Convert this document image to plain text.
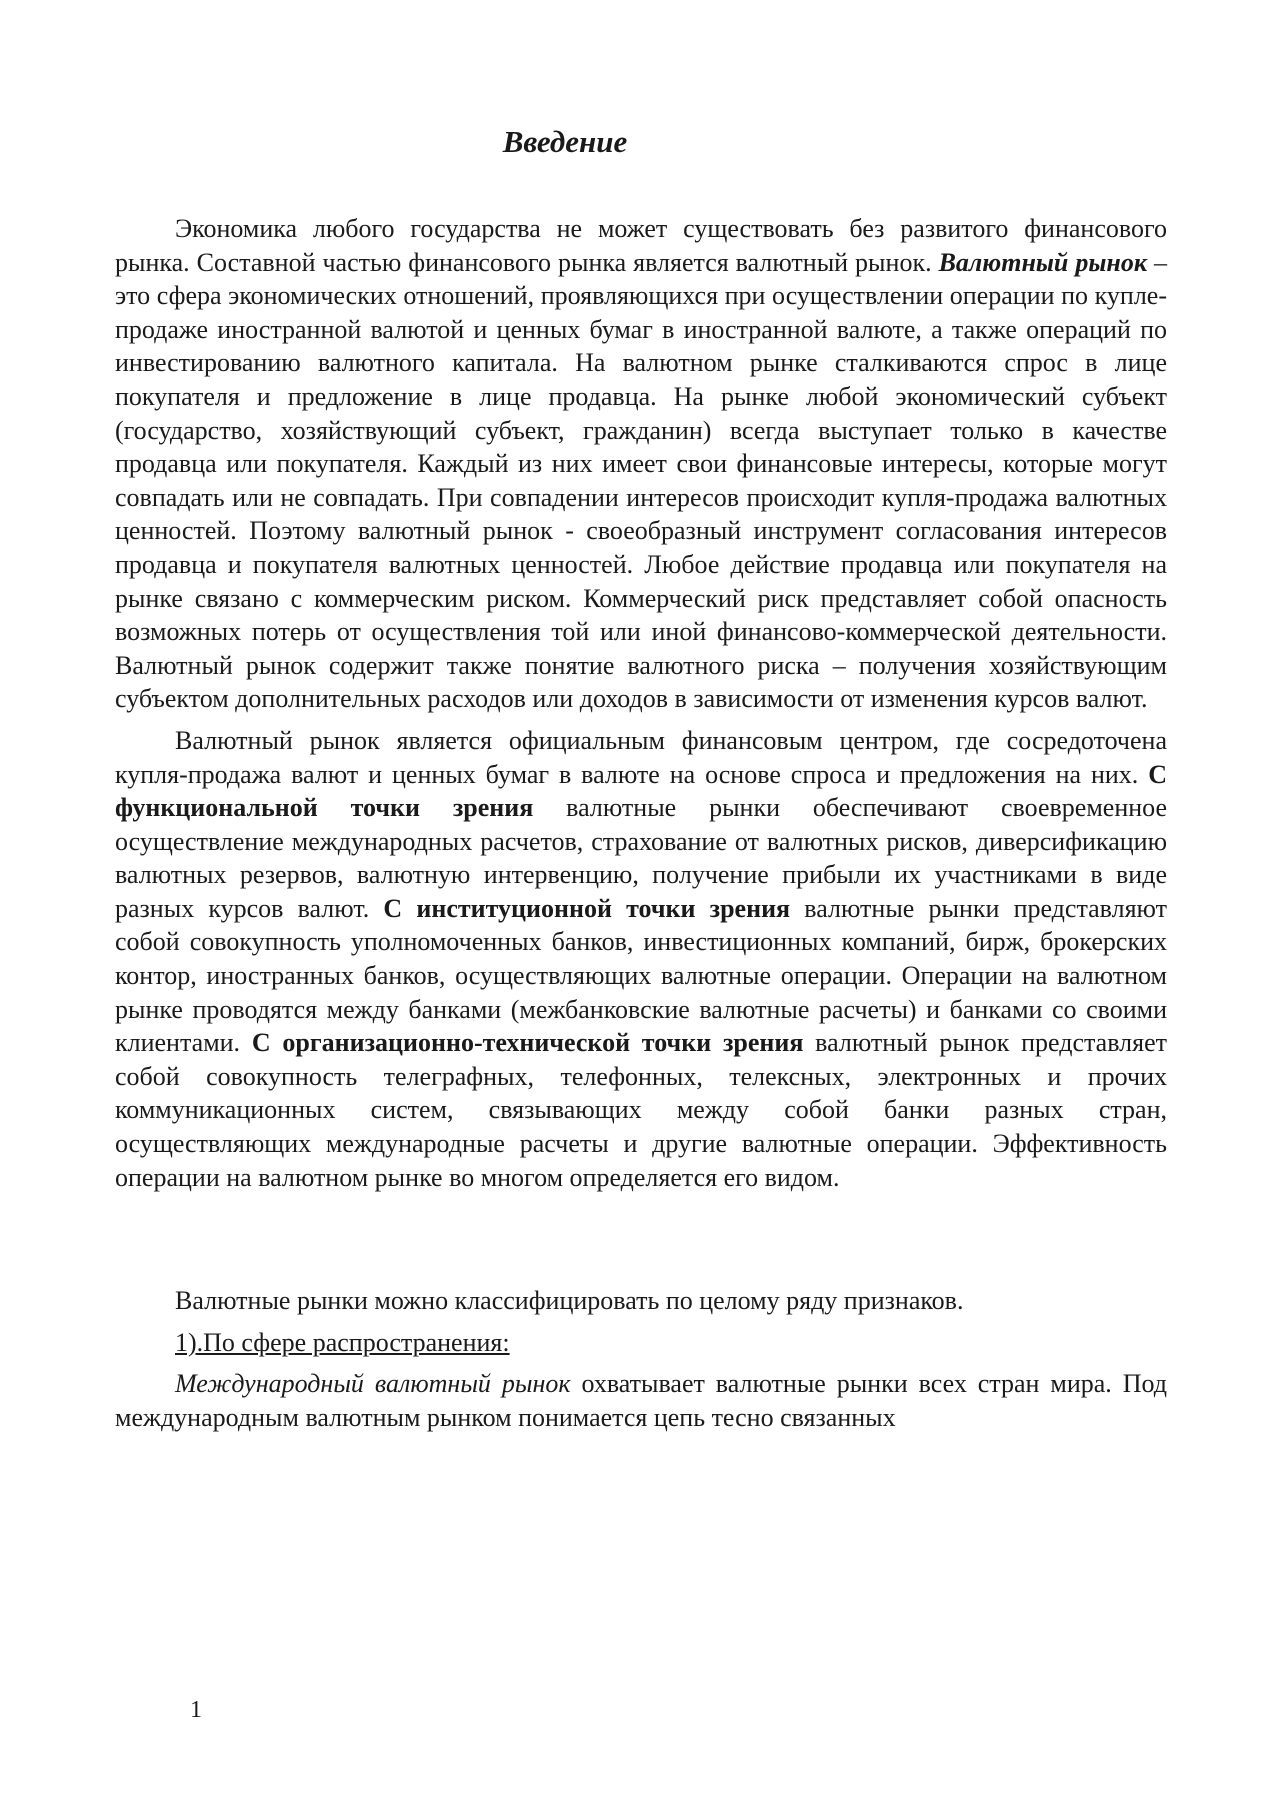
Введение

Экономика любого государства не может существовать без развитого финансового рынка. Составной частью финансового рынка является валютный рынок. Валютный рынок – это сфера экономических отношений, проявляющихся при осуществлении операции по купле-продаже иностранной валютой и ценных бумаг в иностранной валюте, а также операций по инвестированию валютного капитала. На валютном рынке сталкиваются спрос в лице покупателя и предложение в лице продавца. На рынке любой экономический субъект (государство, хозяйствующий субъект, гражданин) всегда выступает только в качестве продавца или покупателя. Каждый из них имеет свои финансовые интересы, которые могут совпадать или не совпадать. При совпадении интересов происходит купля-продажа валютных ценностей. Поэтому валютный рынок - своеобразный инструмент согласования интересов продавца и покупателя валютных ценностей. Любое действие продавца или покупателя на рынке связано с коммерческим риском. Коммерческий риск представляет собой опасность возможных потерь от осуществления той или иной финансово-коммерческой деятельности. Валютный рынок содержит также понятие валютного риска – получения хозяйствующим субъектом дополнительных расходов или доходов в зависимости от изменения курсов валют.

Валютный рынок является официальным финансовым центром, где сосредоточена купля-продажа валют и ценных бумаг в валюте на основе спроса и предложения на них. С функциональной точки зрения валютные рынки обеспечивают своевременное осуществление международных расчетов, страхование от валютных рисков, диверсификацию валютных резервов, валютную интервенцию, получение прибыли их участниками в виде разных курсов валют. С институционной точки зрения валютные рынки представляют собой совокупность уполномоченных банков, инвестиционных компаний, бирж, брокерских контор, иностранных банков, осуществляющих валютные операции. Операции на валютном рынке проводятся между банками (межбанковские валютные расчеты) и банками со своими клиентами. С организационно-технической точки зрения валютный рынок представляет собой совокупность телеграфных, телефонных, телексных, электронных и прочих коммуникационных систем, связывающих между собой банки разных стран, осуществляющих международные расчеты и другие валютные операции. Эффективность операции на валютном рынке во многом определяется его видом.

Валютные рынки можно классифицировать по целому ряду признаков.

1).По сфере распространения:

Международный валютный рынок охватывает валютные рынки всех стран мира. Под международным валютным рынком понимается цепь тесно связанных

1
